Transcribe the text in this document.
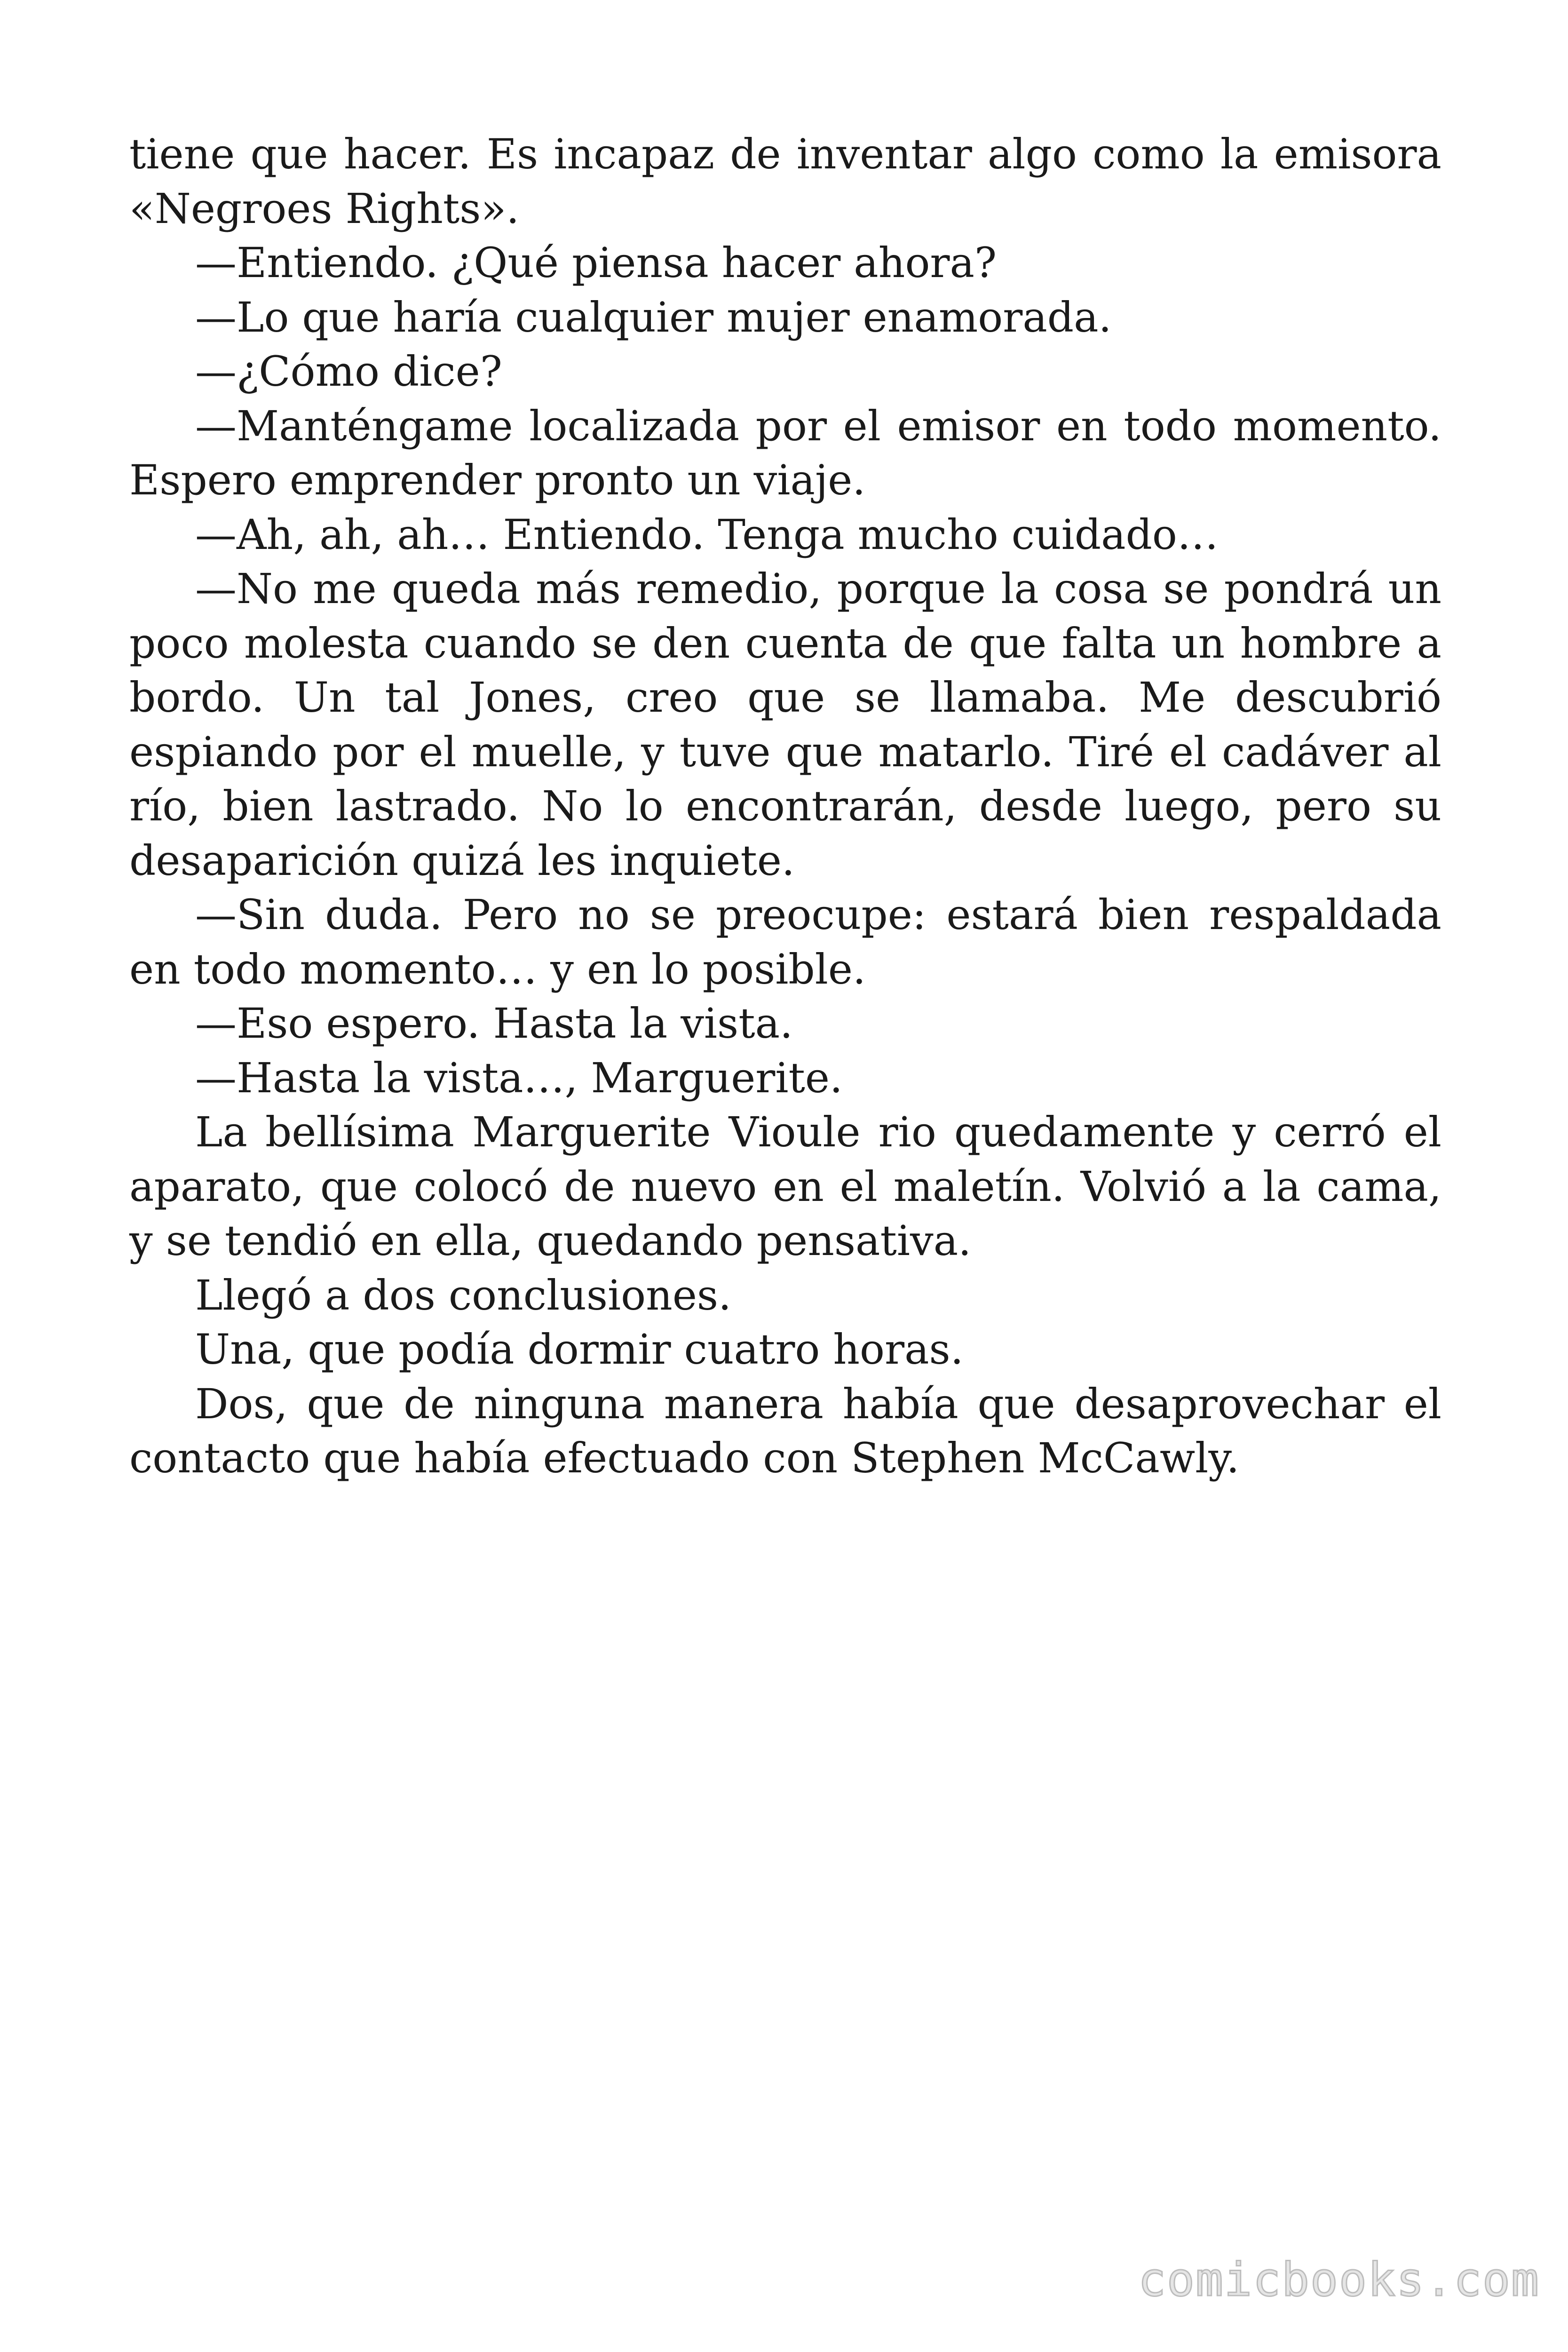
tiene que hacer. Es incapaz de inventar algo como la emisora «Negroes Rights».

—Entiendo. ¿Qué piensa hacer ahora?

—Lo que haría cualquier mujer enamorada.

—¿Cómo dice?

—Manténgame localizada por el emisor en todo momento. Espero emprender pronto un viaje.

—Ah, ah, ah… Entiendo. Tenga mucho cuidado…

—No me queda más remedio, porque la cosa se pondrá un poco molesta cuando se den cuenta de que falta un hombre a bordo. Un tal Jones, creo que se llamaba. Me descubrió espiando por el muelle, y tuve que matarlo. Tiré el cadáver al río, bien lastrado. No lo encontrarán, desde luego, pero su desaparición quizá les inquiete.

—Sin duda. Pero no se preocupe: estará bien respaldada en todo momento… y en lo posible.

—Eso espero. Hasta la vista.

—Hasta la vista…, Marguerite.

La bellísima Marguerite Vioule rio quedamente y cerró el aparato, que colocó de nuevo en el maletín. Volvió a la cama, y se tendió en ella, quedando pensativa.

Llegó a dos conclusiones.

Una, que podía dormir cuatro horas.

Dos, que de ninguna manera había que desaprovechar el contacto que había efectuado con Stephen McCawly.

comicbooks.com
